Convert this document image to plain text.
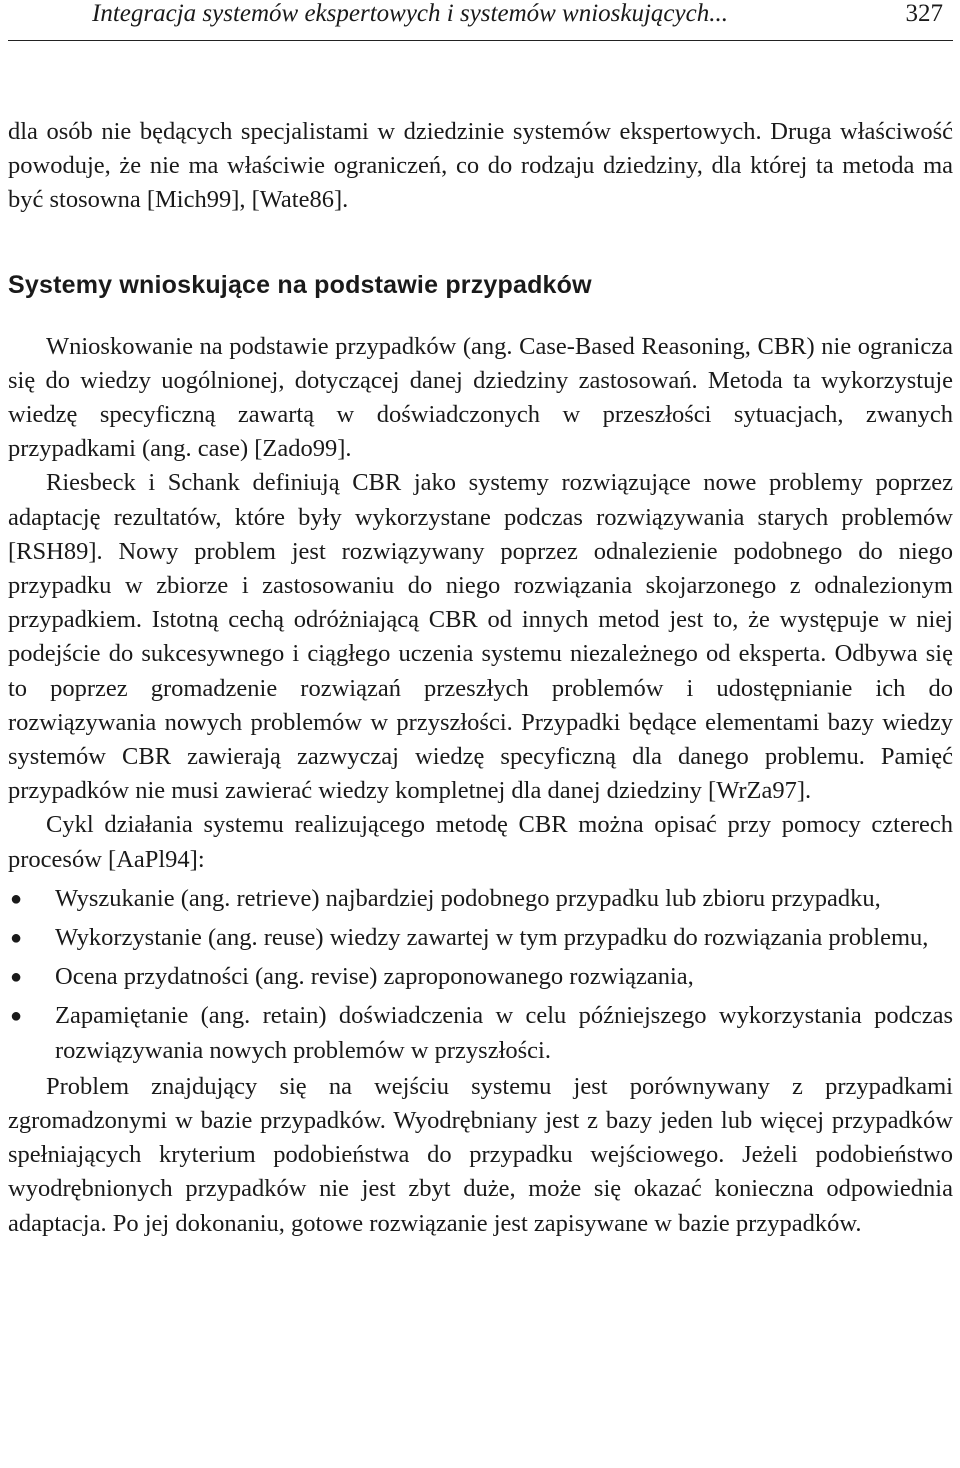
Integracja systemów ekspertowych i systemów wnioskujących...	327

dla osób nie będących specjalistami w dziedzinie systemów ekspertowych. Druga właściwość powoduje, że nie ma właściwie ograniczeń, co do rodzaju dziedziny, dla której ta metoda ma być stosowna [Mich99], [Wate86].

Systemy wnioskujące na podstawie przypadków

Wnioskowanie na podstawie przypadków (ang. Case-Based Reasoning, CBR) nie ogranicza się do wiedzy uogólnionej, dotyczącej danej dziedziny zastosowań. Metoda ta wykorzystuje wiedzę specyficzną zawartą w doświadczonych w przeszłości sytuacjach, zwanych przypadkami (ang. case) [Zado99].

Riesbeck i Schank definiują CBR jako systemy rozwiązujące nowe problemy poprzez adaptację rezultatów, które były wykorzystane podczas rozwiązywania starych problemów [RSH89]. Nowy problem jest rozwiązywany poprzez odnalezienie podobnego do niego przypadku w zbiorze i zastosowaniu do niego rozwiązania skojarzonego z odnalezionym przypadkiem. Istotną cechą odróżniającą CBR od innych metod jest to, że występuje w niej podejście do sukcesywnego i ciągłego uczenia systemu niezależnego od eksperta. Odbywa się to poprzez gromadzenie rozwiązań przeszłych problemów i udostępnianie ich do rozwiązywania nowych problemów w przyszłości. Przypadki będące elementami bazy wiedzy systemów CBR zawierają zazwyczaj wiedzę specyficzną dla danego problemu. Pamięć przypadków nie musi zawierać wiedzy kompletnej dla danej dziedziny [WrZa97].

Cykl działania systemu realizującego metodę CBR można opisać przy pomocy czterech procesów [AaPl94]:

● Wyszukanie (ang. retrieve) najbardziej podobnego przypadku lub zbioru przypadku,
● Wykorzystanie (ang. reuse) wiedzy zawartej w tym przypadku do rozwiązania problemu,
● Ocena przydatności (ang. revise) zaproponowanego rozwiązania,
● Zapamiętanie (ang. retain) doświadczenia w celu późniejszego wykorzystania podczas rozwiązywania nowych problemów w przyszłości.

Problem znajdujący się na wejściu systemu jest porównywany z przypadkami zgromadzonymi w bazie przypadków. Wyodrębniany jest z bazy jeden lub więcej przypadków spełniających kryterium podobieństwa do przypadku wejściowego. Jeżeli podobieństwo wyodrębnionych przypadków nie jest zbyt duże, może się okazać konieczna odpowiednia adaptacja. Po jej dokonaniu, gotowe rozwiązanie jest zapisywane w bazie przypadków.
